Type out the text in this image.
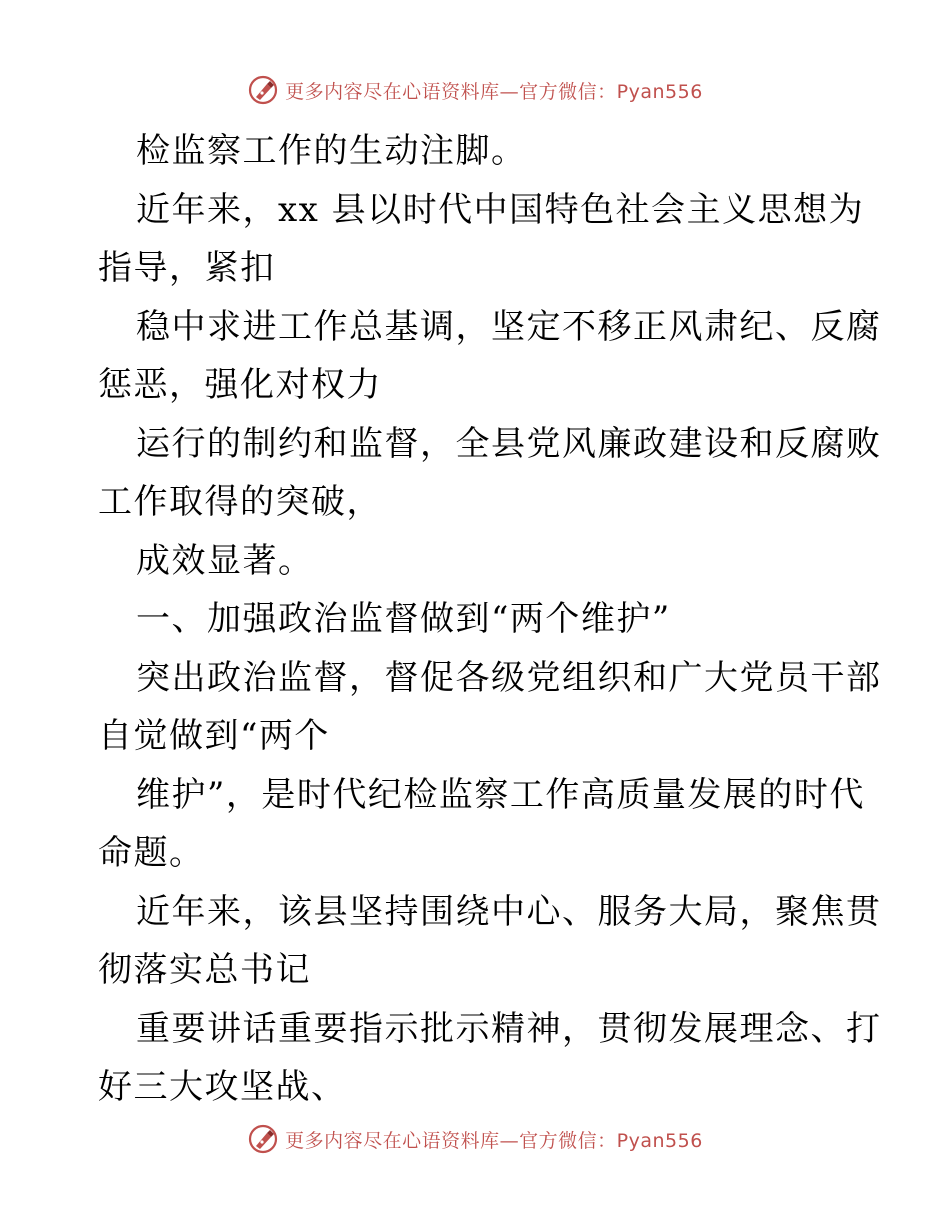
更多内容尽在心语资料库—官方微信：Pyan556

检监察工作的生动注脚。

近年来，xx 县以时代中国特色社会主义思想为

指导，紧扣

稳中求进工作总基调，坚定不移正风肃纪、反腐

惩恶，强化对权力

运行的制约和监督，全县党风廉政建设和反腐败

工作取得的突破，

成效显著。

一、加强政治监督做到“两个维护”

突出政治监督，督促各级党组织和广大党员干部

自觉做到“两个

维护”，是时代纪检监察工作高质量发展的时代

命题。

近年来，该县坚持围绕中心、服务大局，聚焦贯

彻落实总书记

重要讲话重要指示批示精神，贯彻发展理念、打

好三大攻坚战、

更多内容尽在心语资料库—官方微信：Pyan556
